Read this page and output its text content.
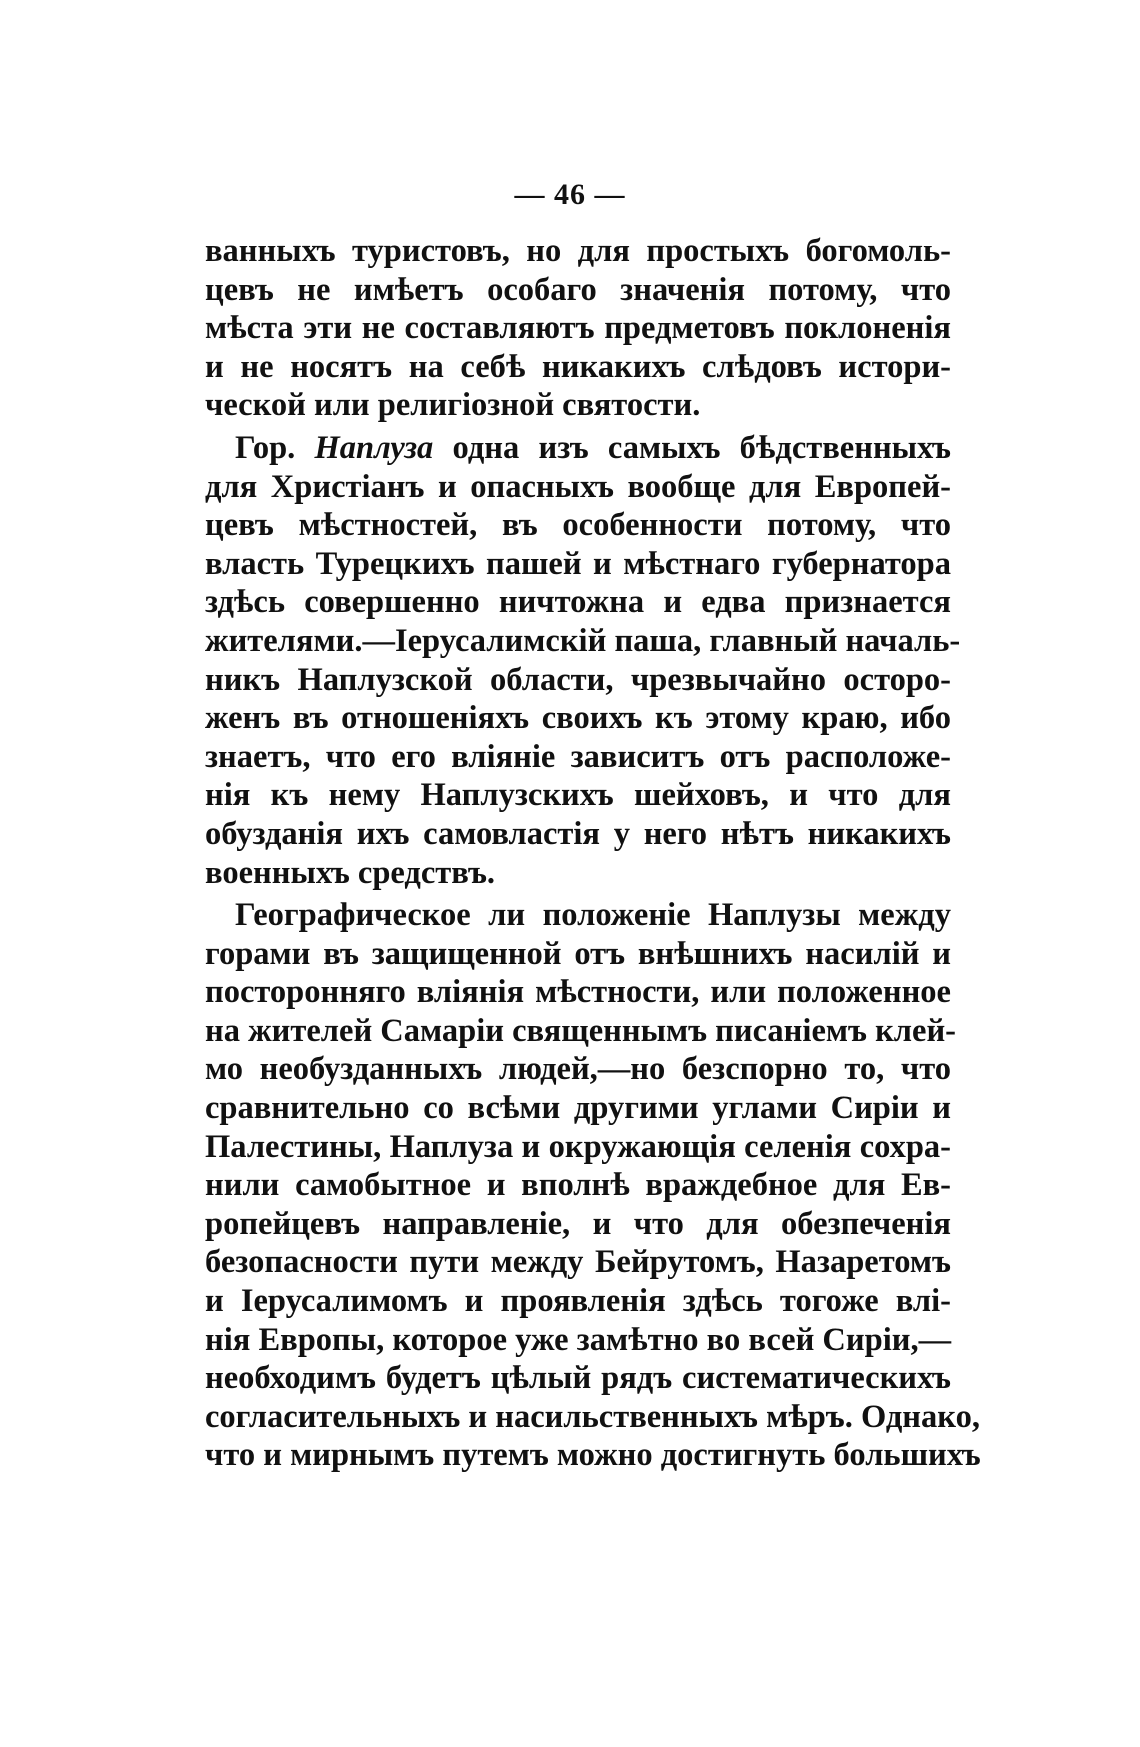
— 46 —
ванныхъ туристовъ, но для простыхъ богомоль-
цевъ не имѣетъ особаго значенія потому, что
мѣста эти не составляютъ предметовъ поклоненія
и не носятъ на себѣ никакихъ слѣдовъ истори-
ческой или религіозной святости.
Гор. Наплуза одна изъ самыхъ бѣдственныхъ
для Христіанъ и опасныхъ вообще для Европей-
цевъ мѣстностей, въ особенности потому, что
власть Турецкихъ пашей и мѣстнаго губернатора
здѣсь совершенно ничтожна и едва признается
жителями.—Іерусалимскій паша, главный началь-
никъ Наплузской области, чрезвычайно осторо-
женъ въ отношеніяхъ своихъ къ этому краю, ибо
знаетъ, что его вліяніе зависитъ отъ расположе-
нія къ нему Наплузскихъ шейховъ, и что для
обузданія ихъ самовластія у него нѣтъ никакихъ
военныхъ средствъ.
Географическое ли положеніе Наплузы между
горами въ защищенной отъ внѣшнихъ насилій и
посторонняго вліянія мѣстности, или положенное
на жителей Самаріи священнымъ писаніемъ клей-
мо необузданныхъ людей,—но безспорно то, что
сравнительно со всѣми другими углами Сиріи и
Палестины, Наплуза и окружающія селенія сохра-
нили самобытное и вполнѣ враждебное для Ев-
ропейцевъ направленіе, и что для обезпеченія
безопасности пути между Бейрутомъ, Назаретомъ
и Іерусалимомъ и проявленія здѣсь тогоже влі-
нія Европы, которое уже замѣтно во всей Сиріи,—
необходимъ будетъ цѣлый рядъ систематическихъ
согласительныхъ и насильственныхъ мѣръ. Однако,
что и мирнымъ путемъ можно достигнуть большихъ
